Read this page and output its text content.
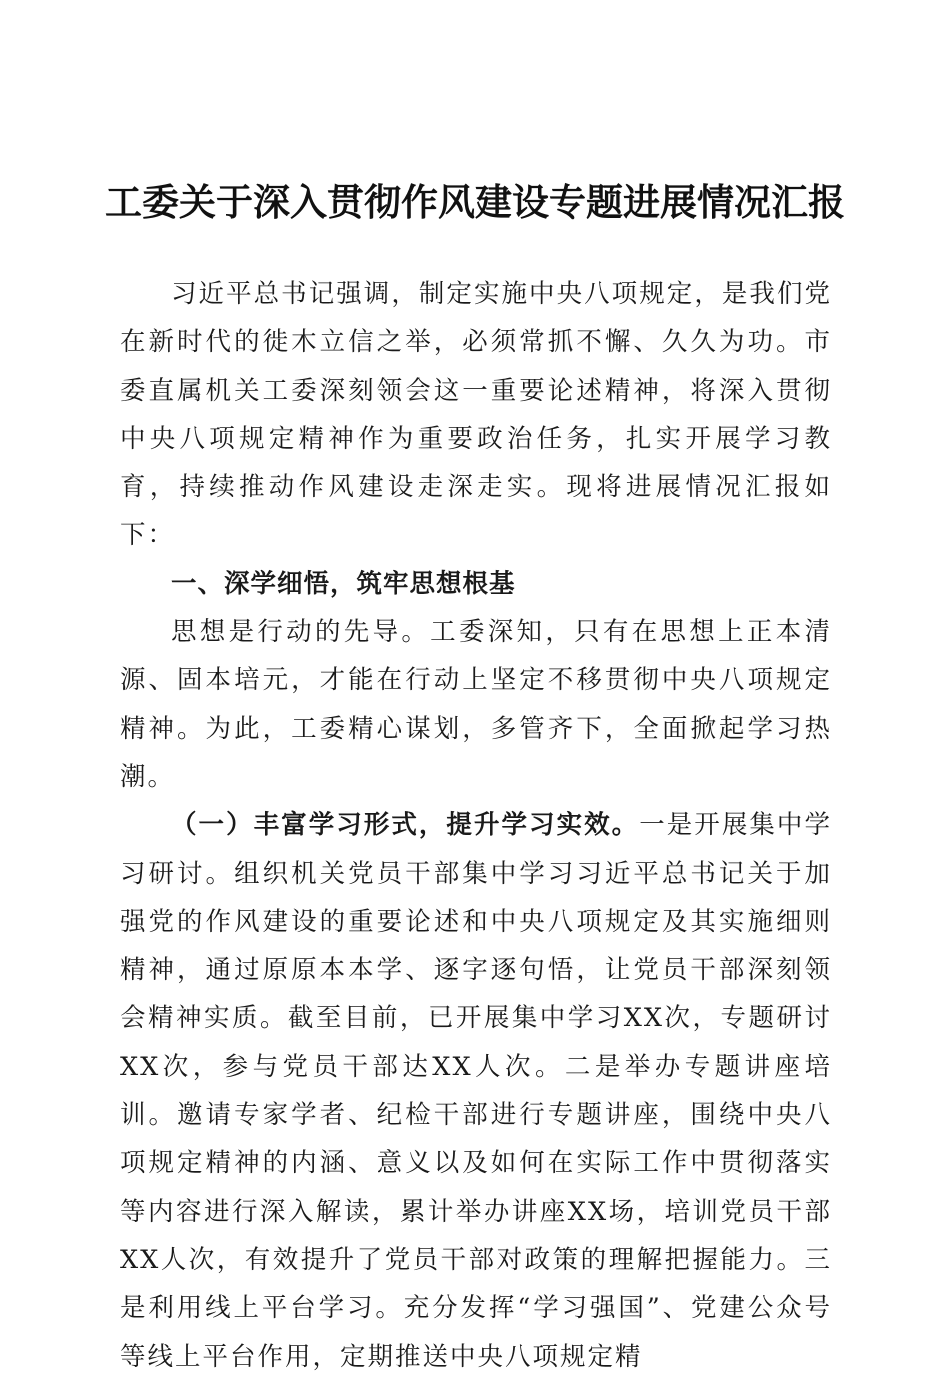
工委关于深入贯彻作风建设专题进展情况汇报

习近平总书记强调，制定实施中央八项规定，是我们党在新时代的徙木立信之举，必须常抓不懈、久久为功。市委直属机关工委深刻领会这一重要论述精神，将深入贯彻中央八项规定精神作为重要政治任务，扎实开展学习教育，持续推动作风建设走深走实。现将进展情况汇报如下：

一、深学细悟，筑牢思想根基

思想是行动的先导。工委深知，只有在思想上正本清源、固本培元，才能在行动上坚定不移贯彻中央八项规定精神。为此，工委精心谋划，多管齐下，全面掀起学习热潮。

（一）丰富学习形式，提升学习实效。一是开展集中学习研讨。组织机关党员干部集中学习习近平总书记关于加强党的作风建设的重要论述和中央八项规定及其实施细则精神，通过原原本本学、逐字逐句悟，让党员干部深刻领会精神实质。截至目前，已开展集中学习XX次，专题研讨XX次，参与党员干部达XX人次。二是举办专题讲座培训。邀请专家学者、纪检干部进行专题讲座，围绕中央八项规定精神的内涵、意义以及如何在实际工作中贯彻落实等内容进行深入解读，累计举办讲座XX场，培训党员干部XX人次，有效提升了党员干部对政策的理解把握能力。三是利用线上平台学习。充分发挥“学习强国”、党建公众号等线上平台作用，定期推送中央八项规定精
